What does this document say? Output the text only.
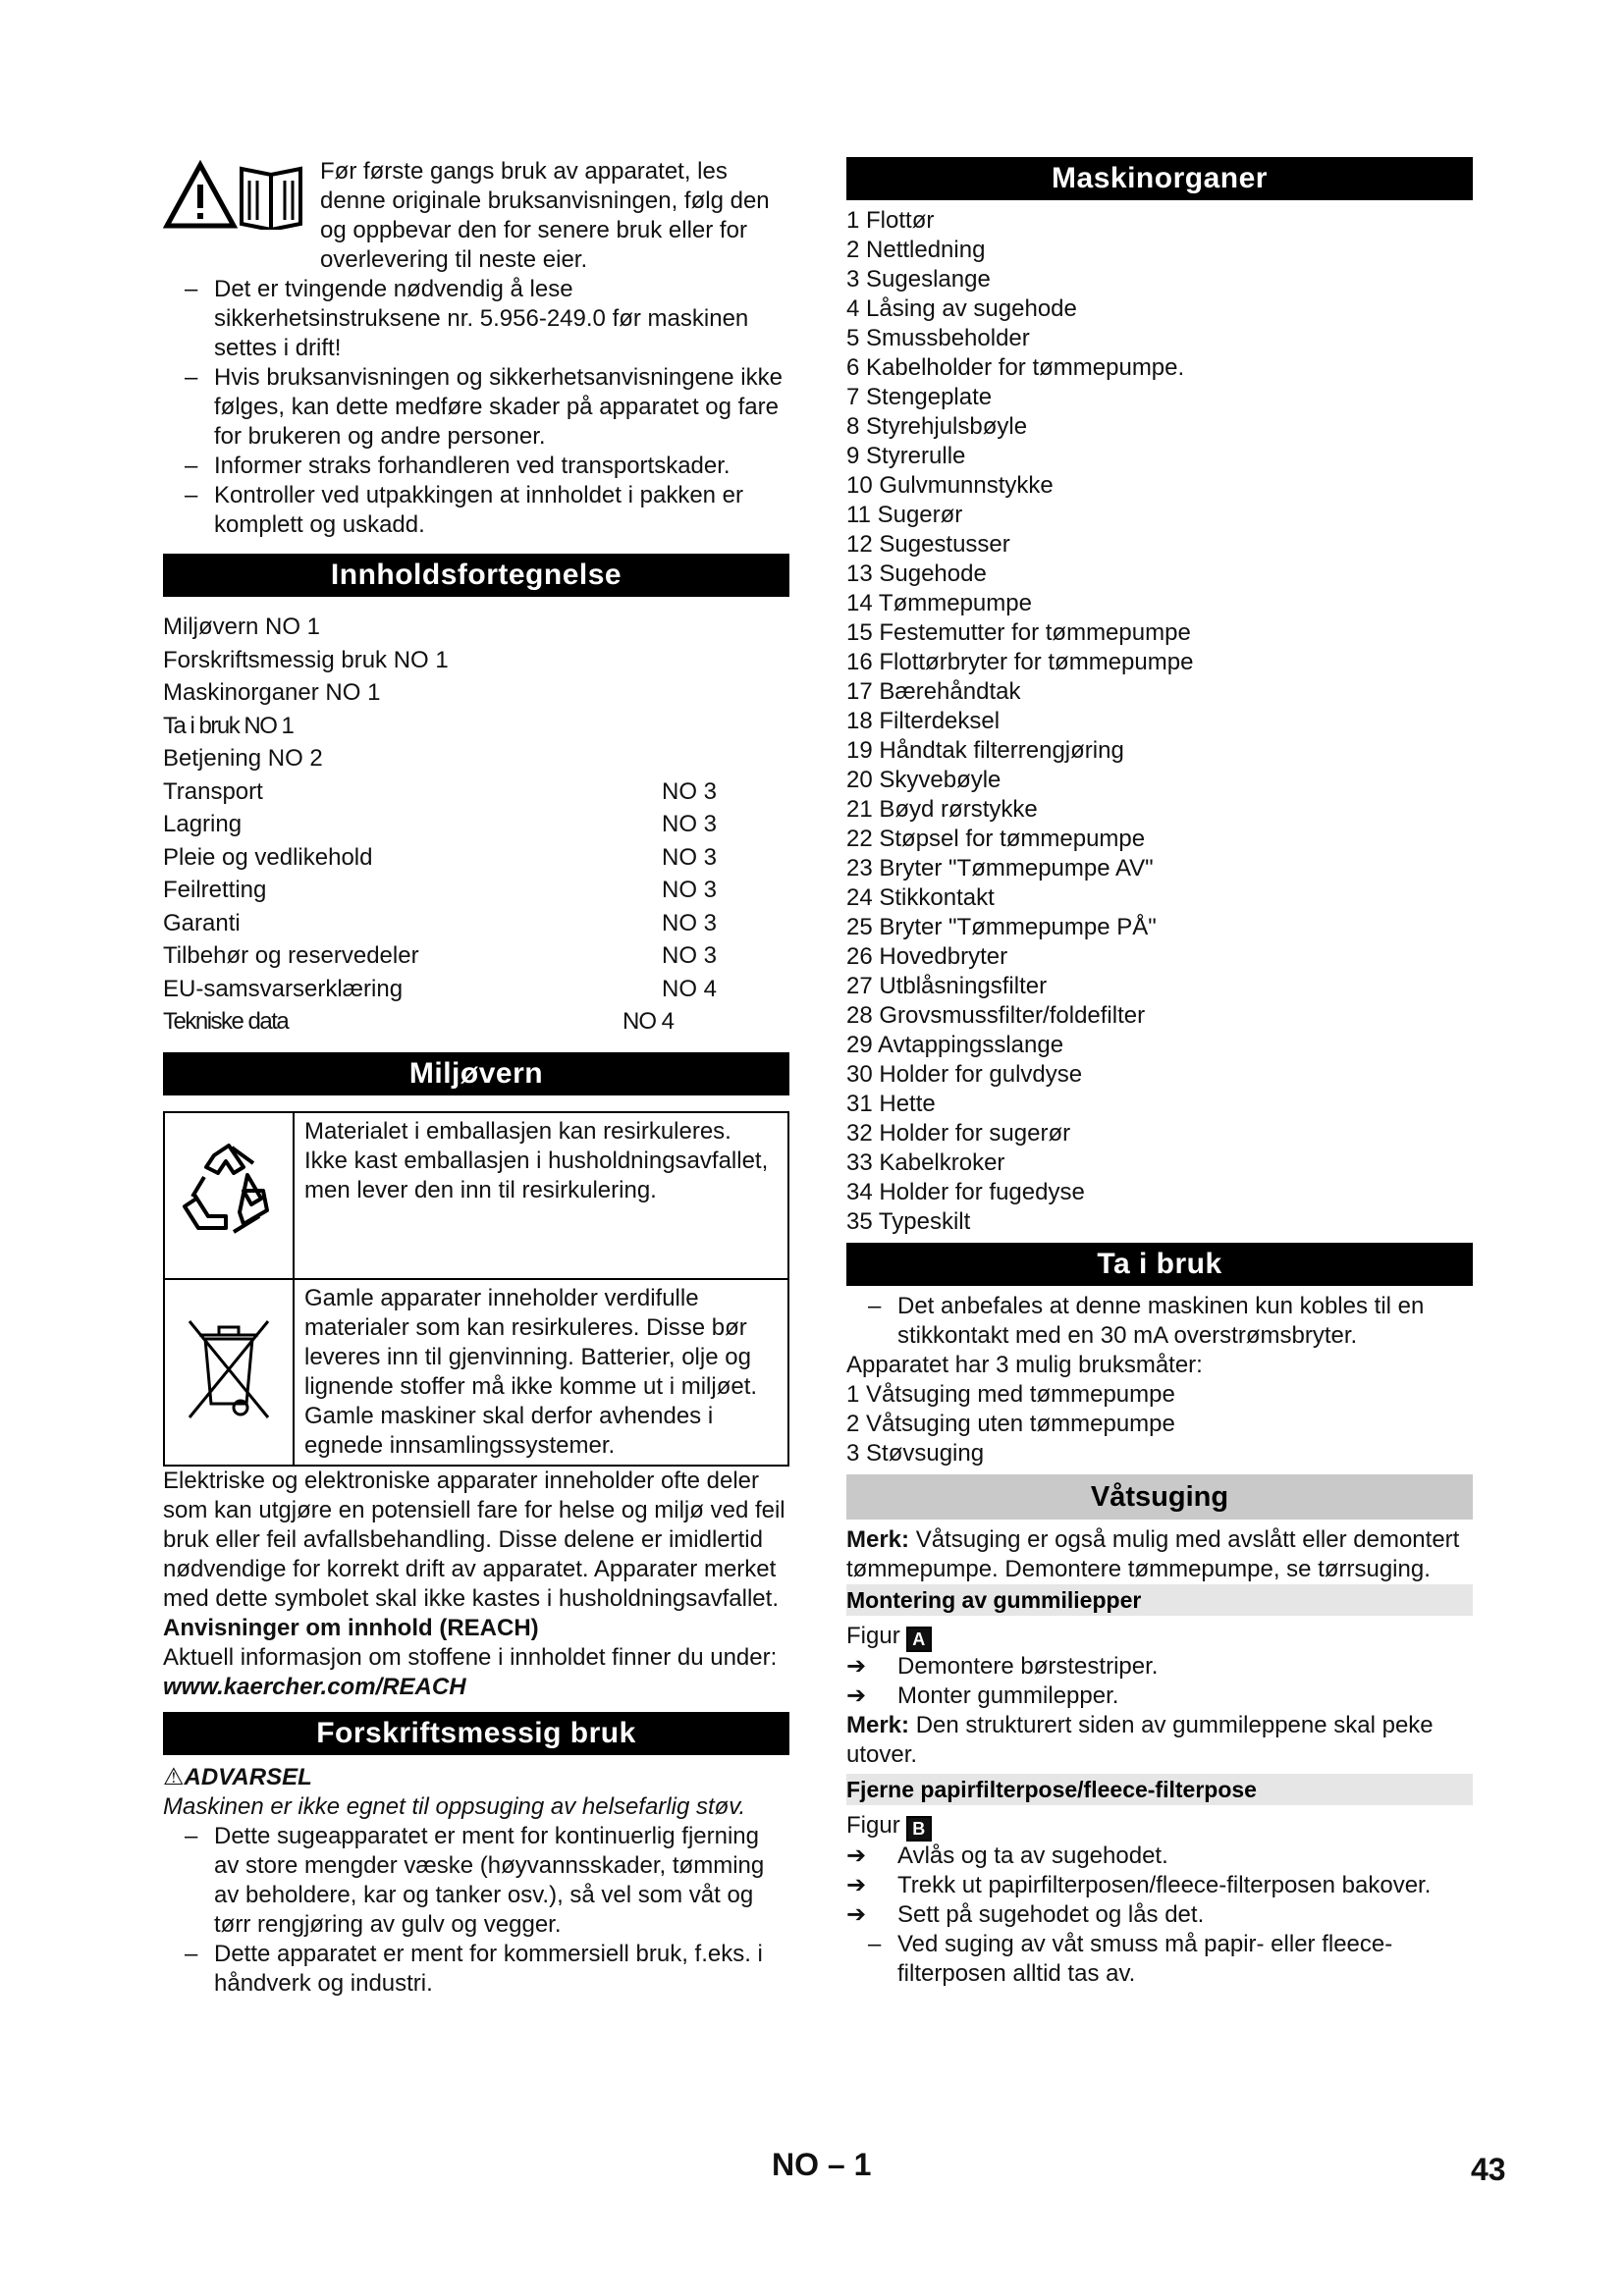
Før første gangs bruk av apparatet, les denne originale bruksanvisningen, følg den og oppbevar den for senere bruk eller for overlevering til neste eier.

– Det er tvingende nødvendig å lese sikkerhetsinstruksene nr. 5.956-249.0 før maskinen settes i drift!

– Hvis bruksanvisningen og sikkerhetsanvisningene ikke følges, kan dette medføre skader på apparatet og fare for brukeren og andre personer.

– Informer straks forhandleren ved transportskader.

– Kontroller ved utpakkingen at innholdet i pakken er komplett og uskadd.

Innholdsfortegnelse
Miljøvern NO 1
Forskriftsmessig bruk NO 1
Maskinorganer NO 1
Ta i bruk NO 1
Betjening NO 2
Transport	NO 3
Lagring	NO 3
Pleie og vedlikehold	NO 3
Feilretting	NO 3
Garanti	NO 3
Tilbehør og reservedeler	NO 3
EU-samsvarserklæring	NO 4
Tekniske data	NO 4
Miljøvern
	Materialet i emballasjen kan resirkuleres. Ikke kast emballasjen i husholdningsavfallet, men lever den inn til resirkulering.
	Gamle apparater inneholder verdifulle materialer som kan resirkuleres. Disse bør leveres inn til gjenvinning. Batterier, olje og lignende stoffer må ikke komme ut i miljøet. Gamle maskiner skal derfor avhendes i egnede innsamlingssystemer.

Elektriske og elektroniske apparater inneholder ofte deler som kan utgjøre en potensiell fare for helse og miljø ved feil bruk eller feil avfallsbehandling. Disse delene er imidlertid nødvendige for korrekt drift av apparatet. Apparater merket med dette symbolet skal ikke kastes i husholdningsavfallet.

Anvisninger om innhold (REACH)

Aktuell informasjon om stoffene i innholdet finner du under:

www.kaercher.com/REACH

Forskriftsmessig bruk

⚠ADVARSEL

Maskinen er ikke egnet til oppsuging av helsefarlig støv.

– Dette sugeapparatet er ment for kontinuerlig fjerning av store mengder væske (høyvannsskader, tømming av beholdere, kar og tanker osv.), så vel som våt og tørr rengjøring av gulv og vegger.

– Dette apparatet er ment for kommersiell bruk, f.eks. i håndverk og industri.

Maskinorganer

1 Flottør

2 Nettledning

3 Sugeslange

4 Låsing av sugehode

5 Smussbeholder

6 Kabelholder for tømmepumpe.

7 Stengeplate

8 Styrehjulsbøyle

9 Styrerulle

10 Gulvmunnstykke

11 Sugerør

12 Sugestusser

13 Sugehode

14 Tømmepumpe

15 Festemutter for tømmepumpe

16 Flottørbryter for tømmepumpe

17 Bærehåndtak

18 Filterdeksel

19 Håndtak filterrengjøring

20 Skyvebøyle

21 Bøyd rørstykke

22 Støpsel for tømmepumpe

23 Bryter "Tømmepumpe AV"

24 Stikkontakt

25 Bryter "Tømmepumpe PÅ"

26 Hovedbryter

27 Utblåsningsfilter

28 Grovsmussfilter/foldefilter

29 Avtappingsslange

30 Holder for gulvdyse

31 Hette

32 Holder for sugerør

33 Kabelkroker

34 Holder for fugedyse

35 Typeskilt

Ta i bruk

– Det anbefales at denne maskinen kun kobles til en stikkontakt med en 30 mA overstrømsbryter.

Apparatet har 3 mulig bruksmåter:

1 Våtsuging med tømmepumpe

2 Våtsuging uten tømmepumpe

3 Støvsuging

Våtsuging

Merk: Våtsuging er også mulig med avslått eller demontert tømmepumpe. Demontere tømmepumpe, se tørrsuging.

Montering av gummiliepper

Figur A

➔ Demontere børstestriper.

➔ Monter gummilepper.

Merk: Den strukturert siden av gummileppene skal peke utover.

Fjerne papirfilterpose/fleece-filterpose

Figur B

➔ Avlås og ta av sugehodet.

➔ Trekk ut papirfilterposen/fleece-filterposen bakover.

➔ Sett på sugehodet og lås det.

– Ved suging av våt smuss må papir- eller fleece-filterposen alltid tas av.

NO – 1	43
